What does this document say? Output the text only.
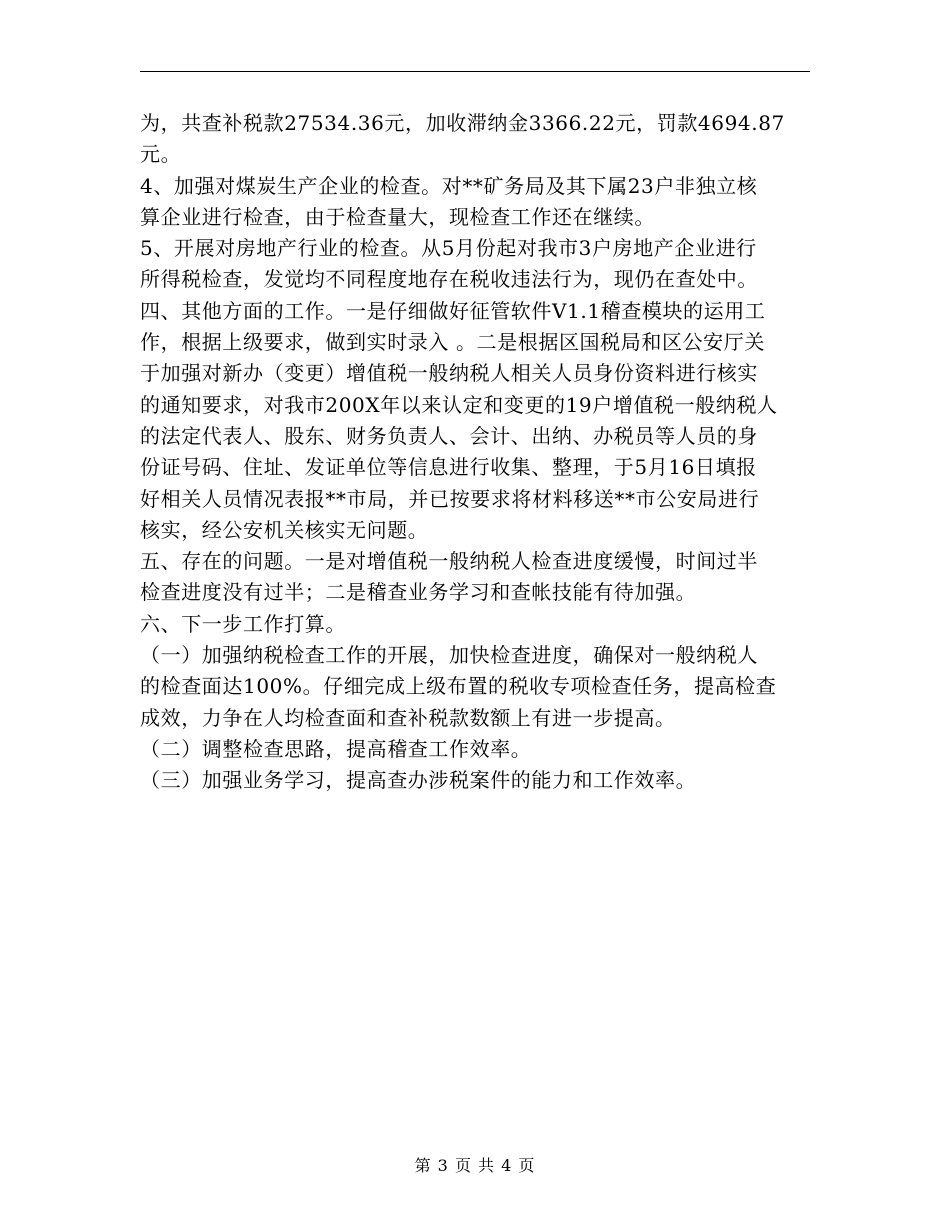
为，共查补税款27534.36元，加收滞纳金3366.22元，罚款4694.87
元。
4、加强对煤炭生产企业的检查。对**矿务局及其下属23户非独立核
算企业进行检查，由于检查量大，现检查工作还在继续。
5、开展对房地产行业的检查。从5月份起对我市3户房地产企业进行
所得税检查，发觉均不同程度地存在税收违法行为，现仍在查处中。
四、其他方面的工作。一是仔细做好征管软件V1.1稽查模块的运用工
作，根据上级要求，做到实时录入 。二是根据区国税局和区公安厅关
于加强对新办（变更）增值税一般纳税人相关人员身份资料进行核实
的通知要求，对我市200X年以来认定和变更的19户增值税一般纳税人
的法定代表人、股东、财务负责人、会计、出纳、办税员等人员的身
份证号码、住址、发证单位等信息进行收集、整理，于5月16日填报
好相关人员情况表报**市局，并已按要求将材料移送**市公安局进行
核实，经公安机关核实无问题。
五、存在的问题。一是对增值税一般纳税人检查进度缓慢，时间过半
检查进度没有过半；二是稽查业务学习和查帐技能有待加强。
六、下一步工作打算。
（一）加强纳税检查工作的开展，加快检查进度，确保对一般纳税人
的检查面达100%。仔细完成上级布置的税收专项检查任务，提高检查
成效，力争在人均检查面和查补税款数额上有进一步提高。
（二）调整检查思路，提高稽查工作效率。
（三）加强业务学习，提高查办涉税案件的能力和工作效率。
第 3 页 共 4 页
